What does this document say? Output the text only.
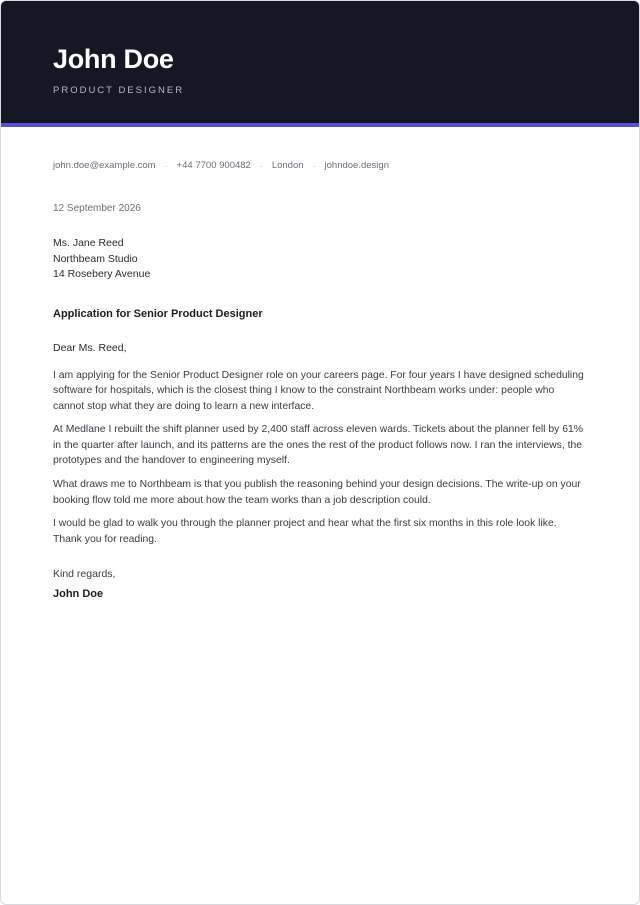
John Doe
PRODUCT DESIGNER
john.doe@example.com · +44 7700 900482 · London · johndoe.design
12 September 2026
Ms. Jane Reed
Northbeam Studio
14 Rosebery Avenue
Application for Senior Product Designer
Dear Ms. Reed,

I am applying for the Senior Product Designer role on your careers page. For four years I have designed scheduling software for hospitals, which is the closest thing I know to the constraint Northbeam works under: people who cannot stop what they are doing to learn a new interface.

At Medlane I rebuilt the shift planner used by 2,400 staff across eleven wards. Tickets about the planner fell by 61% in the quarter after launch, and its patterns are the ones the rest of the product follows now. I ran the interviews, the prototypes and the handover to engineering myself.

What draws me to Northbeam is that you publish the reasoning behind your design decisions. The write-up on your booking flow told me more about how the team works than a job description could.

I would be glad to walk you through the planner project and hear what the first six months in this role look like. Thank you for reading.

Kind regards,
John Doe
